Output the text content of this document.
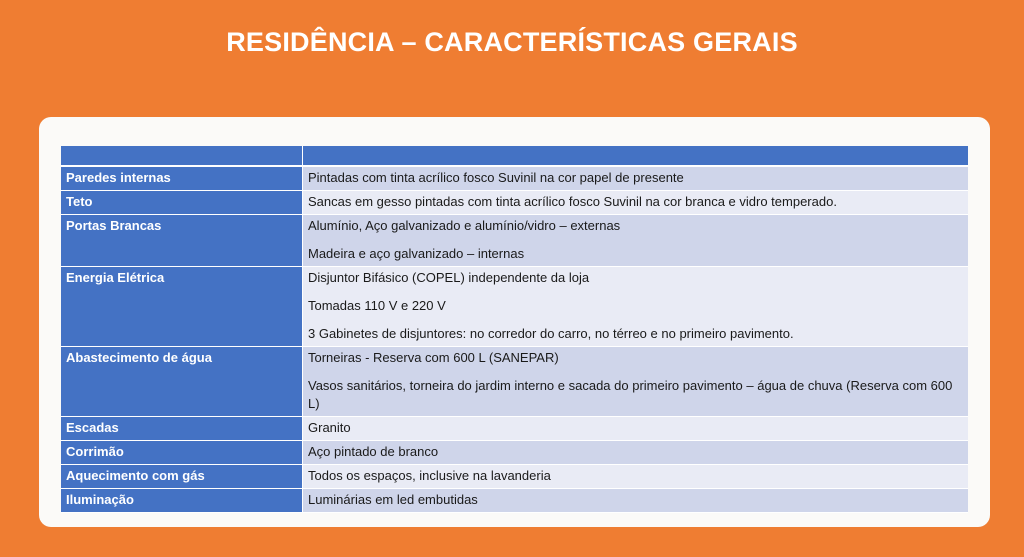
RESIDÊNCIA – CARACTERÍSTICAS GERAIS

Paredes internas	Pintadas com tinta acrílico fosco Suvinil na cor papel de presente

Teto	Sancas em gesso pintadas com tinta acrílico fosco Suvinil na cor branca e vidro temperado.

Portas Brancas	Alumínio, Aço galvanizado e alumínio/vidro – externas
Madeira e aço galvanizado – internas

Energia Elétrica	Disjuntor Bifásico (COPEL) independente da loja
Tomadas 110 V e 220 V
3 Gabinetes de disjuntores: no corredor do carro, no térreo e no primeiro pavimento.

Abastecimento de água	Torneiras - Reserva com 600 L (SANEPAR)
Vasos sanitários, torneira do jardim interno e sacada do primeiro pavimento – água de chuva (Reserva com 600 L)

Escadas	Granito

Corrimão	Aço pintado de branco

Aquecimento com gás	Todos os espaços, inclusive na lavanderia

Iluminação	Luminárias em led embutidas
